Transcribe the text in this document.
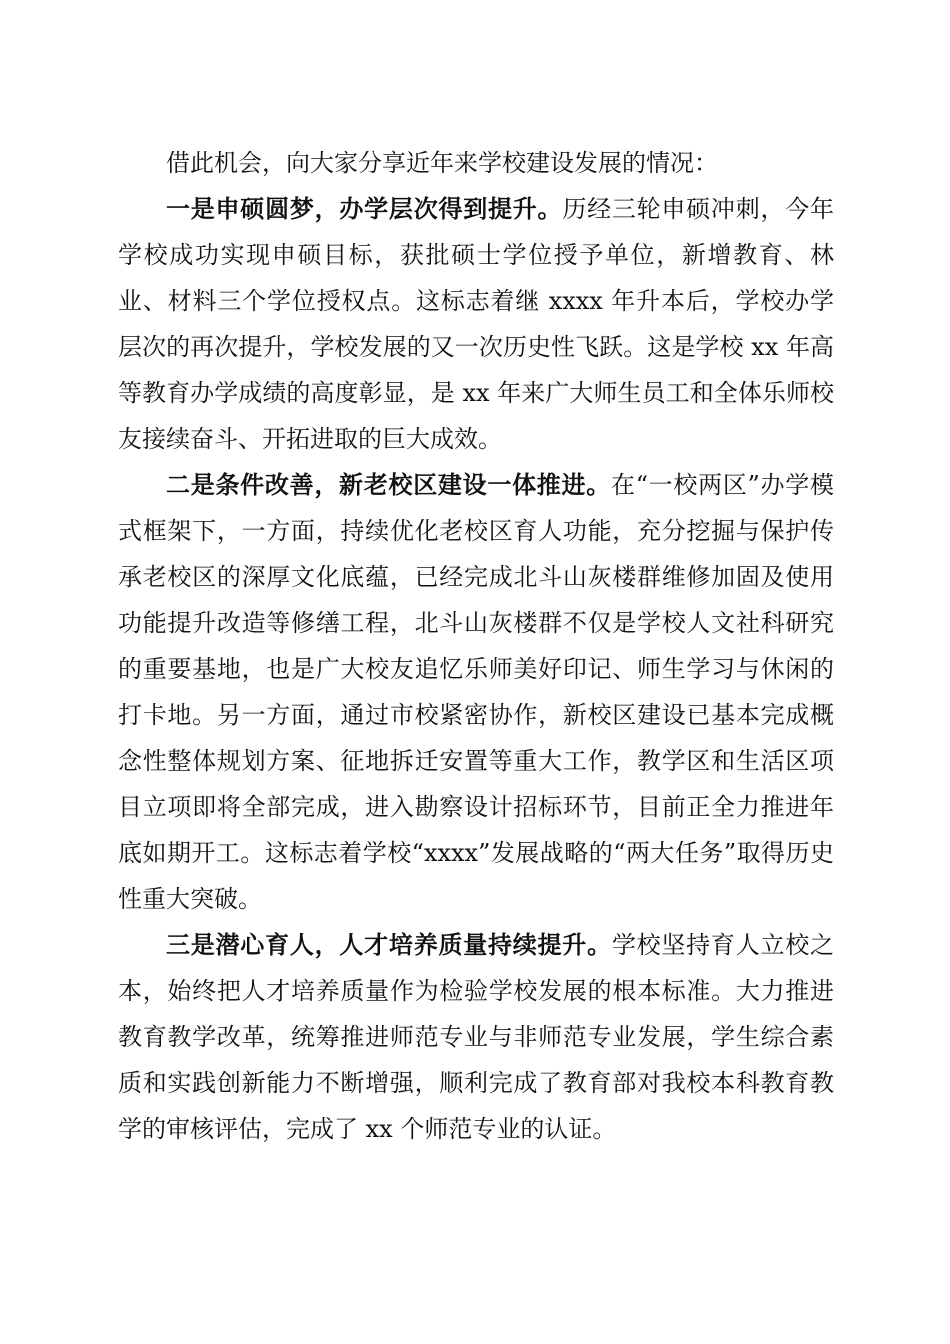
借此机会，向大家分享近年来学校建设发展的情况：

一是申硕圆梦，办学层次得到提升。历经三轮申硕冲刺，今年学校成功实现申硕目标，获批硕士学位授予单位，新增教育、林业、材料三个学位授权点。这标志着继 xxxx 年升本后，学校办学层次的再次提升，学校发展的又一次历史性飞跃。这是学校 xx 年高等教育办学成绩的高度彰显，是 xx 年来广大师生员工和全体乐师校友接续奋斗、开拓进取的巨大成效。

二是条件改善，新老校区建设一体推进。在“一校两区”办学模式框架下，一方面，持续优化老校区育人功能，充分挖掘与保护传承老校区的深厚文化底蕴，已经完成北斗山灰楼群维修加固及使用功能提升改造等修缮工程，北斗山灰楼群不仅是学校人文社科研究的重要基地，也是广大校友追忆乐师美好印记、师生学习与休闲的打卡地。另一方面，通过市校紧密协作，新校区建设已基本完成概念性整体规划方案、征地拆迁安置等重大工作，教学区和生活区项目立项即将全部完成，进入勘察设计招标环节，目前正全力推进年底如期开工。这标志着学校“xxxx”发展战略的“两大任务”取得历史性重大突破。

三是潜心育人，人才培养质量持续提升。学校坚持育人立校之本，始终把人才培养质量作为检验学校发展的根本标准。大力推进教育教学改革，统筹推进师范专业与非师范专业发展，学生综合素质和实践创新能力不断增强，顺利完成了教育部对我校本科教育教学的审核评估，完成了 xx 个师范专业的认证。
